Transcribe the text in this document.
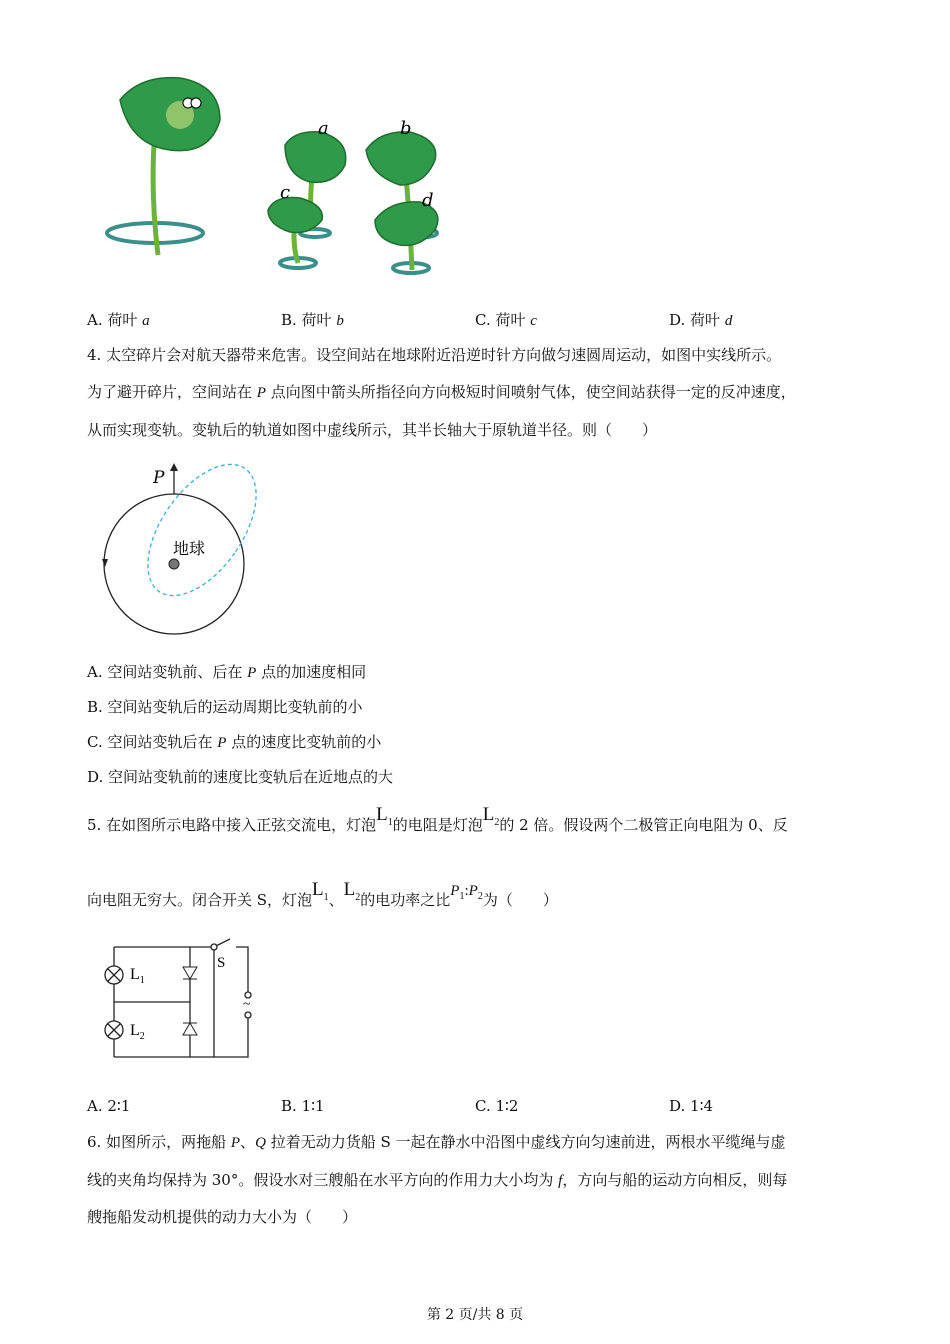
a	b
c	d
A. 荷叶 a	B. 荷叶 b	C. 荷叶 c	D. 荷叶 d
4. 太空碎片会对航天器带来危害。设空间站在地球附近沿逆时针方向做匀速圆周运动，如图中实线所示。
为了避开碎片，空间站在 P 点向图中箭头所指径向方向极短时间喷射气体，使空间站获得一定的反冲速度，
从而实现变轨。变轨后的轨道如图中虚线所示，其半长轴大于原轨道半径。则（　　）
P
地球
A. 空间站变轨前、后在 P 点的加速度相同
B. 空间站变轨后的运动周期比变轨前的小
C. 空间站变轨后在 P 点的速度比变轨前的小
D. 空间站变轨前的速度比变轨后在近地点的大
5. 在如图所示电路中接入正弦交流电，灯泡$L_1$的电阻是灯泡$L_2$的 2 倍。假设两个二极管正向电阻为 0、反
向电阻无穷大。闭合开关 S，灯泡$L_1$、$L_2$的电功率之比$P_1:P_2$为（　　）
$L_1$
$L_2$
S
~
A. 2∶1	B. 1∶1	C. 1∶2	D. 1∶4
6. 如图所示，两拖船 P、Q 拉着无动力货船 S 一起在静水中沿图中虚线方向匀速前进，两根水平缆绳与虚
线的夹角均保持为 30°。假设水对三艘船在水平方向的作用力大小均为 f，方向与船的运动方向相反，则每
艘拖船发动机提供的动力大小为（　　）
第 2 页/共 8 页
